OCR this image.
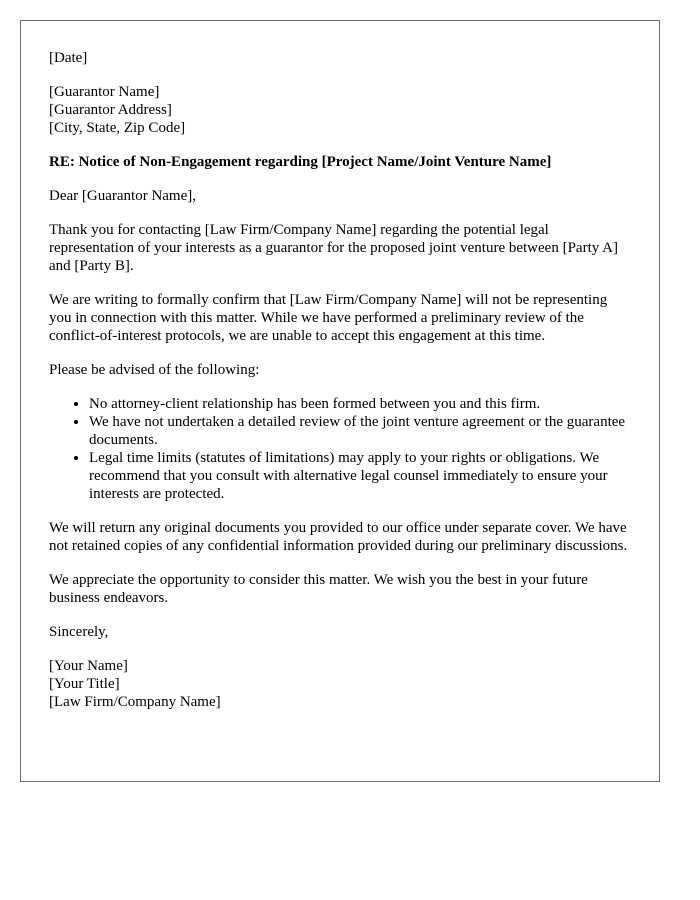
[Date]

[Guarantor Name]
[Guarantor Address]
[City, State, Zip Code]

RE: Notice of Non-Engagement regarding [Project Name/Joint Venture Name]

Dear [Guarantor Name],

Thank you for contacting [Law Firm/Company Name] regarding the potential legal representation of your interests as a guarantor for the proposed joint venture between [Party A] and [Party B].

We are writing to formally confirm that [Law Firm/Company Name] will not be representing you in connection with this matter. While we have performed a preliminary review of the conflict-of-interest protocols, we are unable to accept this engagement at this time.

Please be advised of the following:

• No attorney-client relationship has been formed between you and this firm.
• We have not undertaken a detailed review of the joint venture agreement or the guarantee documents.
• Legal time limits (statutes of limitations) may apply to your rights or obligations. We recommend that you consult with alternative legal counsel immediately to ensure your interests are protected.

We will return any original documents you provided to our office under separate cover. We have not retained copies of any confidential information provided during our preliminary discussions.

We appreciate the opportunity to consider this matter. We wish you the best in your future business endeavors.

Sincerely,

[Your Name]
[Your Title]
[Law Firm/Company Name]
